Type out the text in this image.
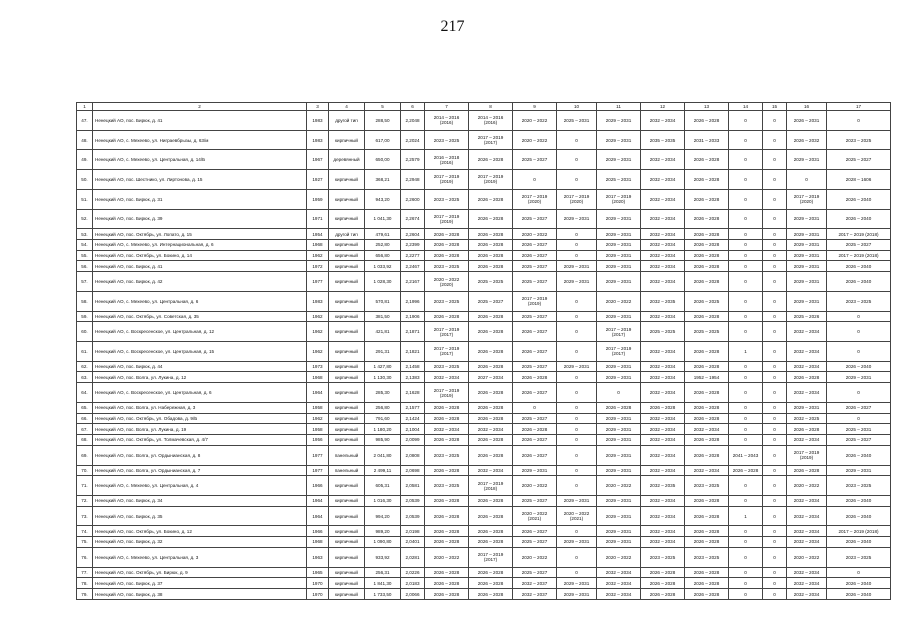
217
1	2	3	4	5	6	7	8	9	10	11	12	13	14	15	16	17
47.	Ненецкий АО, пос. Бирюк, д. 41	1983	другой тип	288,50	2,2048	2014 – 2016 (2016)	2014 – 2016 (2016)	2020 – 2022	2025 – 2031	2029 – 2031	2032 – 2034	2026 – 2028	0	0	2026 – 2031	0
48.	Ненецкий АО, с. Мехеево, ул. Ниграевбрызы, д. 63/м	1983	кирпичный	617,00	2,2024	2023 – 2025	2017 – 2019 (2017)	2020 – 2022	0	2029 – 2031	2035 – 2035	2031 – 2033	0	0	2026 – 2032	2023 – 2025
49.	Ненецкий АО, с. Мехеево, ул. Центральная, д. 14/Б	1967	деревянный	650,00	2,2579	2016 – 2018 (2016)	2026 – 2028	2025 – 2027	0	2029 – 2031	2032 – 2034	2026 – 2028	0	0	2029 – 2031	2025 – 2027
50.	Ненецкий АО, пос. Шестнико, ул. Лиртонова, д. 15	1927	кирпичный	368,21	2,2948	2017 – 2019 (2019)	2017 – 2019 (2019)	0	0	2025 – 2031	2032 – 2034	2026 – 2028	0	0	0	2028 – 1606
51.	Ненецкий АО, пос. Бирюк, д. 31	1959	кирпичный	943,20	2,2600	2023 – 2025	2026 – 2028	2017 – 2019 (2020)	2017 – 2019 (2020)	2017 – 2019 (2020)	2032 – 2034	2026 – 2028	0	0	2017 – 2019 (2020)	2026 – 2040
52.	Ненецкий АО, пос. Бирюк, д. 39	1971	кирпичный	1 041,30	2,2674	2017 – 2019 (2019)	2026 – 2028	2025 – 2027	2029 – 2031	2029 – 2031	2032 – 2034	2026 – 2028	0	0	2029 – 2031	2026 – 2040
53.	Ненецкий АО, пос. Октябрь, ул. Лопато, д. 15	1954	другой тип	479,61	2,2604	2026 – 2028	2026 – 2028	2020 – 2022	0	2029 – 2031	2032 – 2034	2026 – 2028	0	0	2029 – 2031	2017 – 2019 (2018)
54.	Ненецкий АО, с. Мехеево, ул. Интернациональная, д. 6	1968	кирпичный	252,80	2,2399	2026 – 2028	2026 – 2028	2026 – 2027	0	2029 – 2031	2032 – 2034	2026 – 2028	0	0	2029 – 2031	2025 – 2027
55.	Ненецкий АО, пос. Октябрь, ул. Бокино, д. 14	1962	кирпичный	656,80	2,2277	2026 – 2028	2026 – 2028	2026 – 2027	0	2029 – 2031	2032 – 2034	2026 – 2028	0	0	2029 – 2031	2017 – 2019 (2018)
56.	Ненецкий АО, пос. Бирюк, д. 41	1972	кирпичный	1 033,92	2,2467	2023 – 2025	2026 – 2028	2025 – 2027	2029 – 2031	2029 – 2031	2032 – 2034	2026 – 2028	0	0	2029 – 2031	2026 – 2040
57.	Ненецкий АО, пос. Бирюк, д. 42	1977	кирпичный	1 028,30	2,2167	2020 – 2022 (2020)	2025 – 2025	2025 – 2027	2029 – 2031	2029 – 2031	2032 – 2034	2026 – 2028	0	0	2029 – 2031	2026 – 2040
58.	Ненецкий АО, с. Мехеево, ул. Центральная, д. 6	1983	кирпичный	570,81	2,1996	2023 – 2025	2025 – 2027	2017 – 2019 (2019)	0	2020 – 2022	2032 – 2035	2026 – 2025	0	0	2029 – 2031	2023 – 2025
59.	Ненецкий АО, пос. Октябрь, ул. Советская, д. 35	1962	кирпичный	381,50	2,1906	2026 – 2028	2026 – 2028	2025 – 2027	0	2029 – 2031	2032 – 2034	2026 – 2028	0	0	2025 – 2026	0
60.	Ненецкий АО, с. Воскресенское, ул. Центральная, д. 12	1962	кирпичный	421,81	2,1871	2017 – 2019 (2017)	2026 – 2028	2026 – 2027	0	2017 – 2019 (2017)	2025 – 2025	2025 – 2025	0	0	2032 – 2034	0
61.	Ненецкий АО, с. Воскресенское, ул. Центральная, д. 15	1962	кирпичный	291,31	2,1821	2017 – 2019 (2017)	2026 – 2028	2026 – 2027	0	2017 – 2019 (2017)	2032 – 2034	2026 – 2028	1	0	2032 – 2034	0
62.	Ненецкий АО, пос. Бирюк, д. 44	1973	кирпичный	1 427,80	2,1458	2023 – 2025	2026 – 2028	2025 – 2027	2029 – 2031	2029 – 2031	2032 – 2034	2026 – 2028	0	0	2032 – 2034	2026 – 2040
63.	Ненецкий АО, пос. Волга, ул. Лукина, д. 12	1968	кирпичный	1 130,30	2,1383	2032 – 2034	2027 – 2034	2026 – 2028	0	2029 – 2031	2032 – 2034	1952 – 1954	0	0	2026 – 2028	2029 – 2031
64.	Ненецкий АО, с. Воскресенское, ул. Центральная, д. 6	1964	кирпичный	285,30	2,1628	2017 – 2019 (2019)	2026 – 2028	2026 – 2027	0	0	2032 – 2034	2026 – 2028	0	0	2032 – 2034	0
65.	Ненецкий АО, пос. Волга, ул. Набережная, д. 3	1958	кирпичный	256,80	2,1577	2026 – 2028	2026 – 2028	0	0	2026 – 2028	2026 – 2028	2026 – 2028	0	0	2029 – 2031	2026 – 2027
66.	Ненецкий АО, пос. Октябрь, ул. Обадова, д. 9/Б	1962	кирпичный	791,60	2,1424	2026 – 2028	2026 – 2028	2025 – 2027	0	2029 – 2031	2032 – 2034	2026 – 2028	0	0	2032 – 2025	0
67.	Ненецкий АО, пос. Волга, ул. Лукина, д. 19	1958	кирпичный	1 180,20	2,1004	2032 – 2034	2032 – 2034	2026 – 2028	0	2029 – 2031	2032 – 2034	2032 – 2034	0	0	2026 – 2028	2025 – 2031
68.	Ненецкий АО, пос. Октябрь, ул. Толмачевская, д. 4/7	1956	кирпичный	985,90	2,0099	2026 – 2028	2026 – 2028	2026 – 2027	0	2029 – 2031	2032 – 2034	2026 – 2028	0	0	2032 – 2034	2025 – 2027
69.	Ненецкий АО, пос. Волга, ул. Ордынианская, д. 8	1977	панельный	2 041,80	2,0808	2023 – 2025	2026 – 2028	2026 – 2027	0	2029 – 2031	2032 – 2034	2026 – 2028	2041 – 2043	0	2017 – 2019 (2019)	2026 – 2040
70.	Ненецкий АО, пос. Волга, ул. Ордынианская, д. 7	1977	панельный	2 499,11	2,0698	2026 – 2028	2032 – 2034	2029 – 2031	0	2029 – 2031	2032 – 2034	2032 – 2034	2026 – 2028	0	2026 – 2028	2029 – 2031
71.	Ненецкий АО, с. Мехеево, ул. Центральная, д. 4	1966	кирпичный	605,31	2,0581	2023 – 2025	2017 – 2019 (2018)	2020 – 2022	0	2020 – 2022	2032 – 2035	2023 – 2025	0	0	2020 – 2022	2023 – 2025
72.	Ненецкий АО, пос. Бирюк, д. 34	1964	кирпичный	1 016,30	2,0539	2026 – 2028	2026 – 2028	2025 – 2027	2029 – 2031	2029 – 2031	2032 – 2034	2026 – 2028	0	0	2032 – 2034	2026 – 2040
73.	Ненецкий АО, пос. Бирюк, д. 35	1964	кирпичный	994,20	2,0539	2026 – 2028	2026 – 2028	2020 – 2022 (2021)	2020 – 2022 (2021)	2029 – 2031	2032 – 2034	2026 – 2028	1	0	2032 – 2034	2026 – 2040
74.	Ненецкий АО, пос. Октябрь, ул. Бокино, д. 12	1966	кирпичный	989,20	2,0198	2026 – 2028	2026 – 2028	2026 – 2027	0	2029 – 2031	2032 – 2034	2026 – 2028	0	0	2032 – 2034	2017 – 2019 (2018)
75.	Ненецкий АО, пос. Бирюк, д. 32	1968	кирпичный	1 090,80	2,0401	2026 – 2028	2026 – 2028	2025 – 2027	2029 – 2031	2029 – 2031	2032 – 2034	2026 – 2028	0	0	2032 – 2034	2026 – 2040
76.	Ненецкий АО, с. Мехеево, ул. Центральная, д. 3	1963	кирпичный	933,92	2,0281	2020 – 2022	2017 – 2019 (2017)	2020 – 2022	0	2020 – 2022	2023 – 2025	2023 – 2025	0	0	2020 – 2022	2023 – 2025
77.	Ненецкий АО, пос. Октябрь, ул. Бирюк, д. 9	1965	кирпичный	256,31	2,0226	2026 – 2028	2026 – 2028	2025 – 2027	0	2032 – 2034	2026 – 2028	2026 – 2028	0	0	2032 – 2034	0
78.	Ненецкий АО, пос. Бирюк, д. 37	1970	кирпичный	1 841,30	2,0183	2026 – 2028	2026 – 2028	2032 – 2037	2029 – 2031	2032 – 2034	2026 – 2028	2026 – 2028	0	0	2032 – 2034	2026 – 2040
79.	Ненецкий АО, пос. Бирюк, д. 38	1970	кирпичный	1 733,50	2,0066	2026 – 2028	2026 – 2028	2032 – 2037	2029 – 2031	2032 – 2034	2026 – 2028	2026 – 2028	0	0	2032 – 2034	2026 – 2040
